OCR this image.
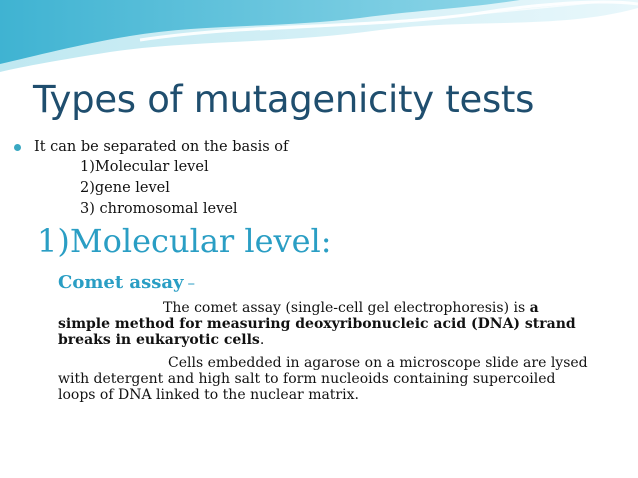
Types of mutagenicity tests
It can be separated on the basis of
1)Molecular level
2)gene level
3) chromosomal level
1)Molecular level:
Comet assay –
The comet assay (single-cell gel electrophoresis) is a simple method for measuring deoxyribonucleic acid (DNA) strand breaks in eukaryotic cells.
Cells embedded in agarose on a microscope slide are lysed with detergent and high salt to form nucleoids containing supercoiled loops of DNA linked to the nuclear matrix.
